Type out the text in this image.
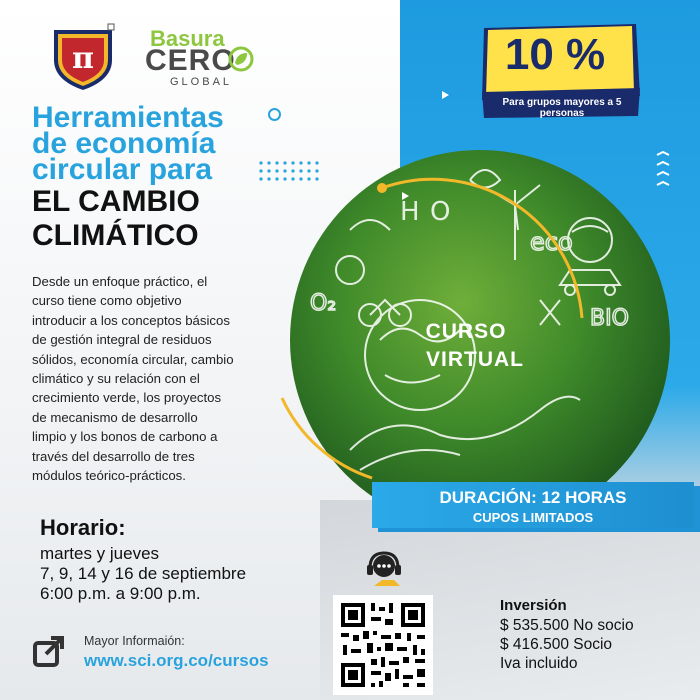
π
Basura
CERO
GLOBAL
Herramientas
de economía
circular para
EL CAMBIO
CLIMÁTICO
Desde un enfoque práctico, el
curso tiene como objetivo
introducir a los conceptos básicos
de gestión integral de residuos
sólidos, economía circular, cambio
climático y su relación con el
crecimiento verde, los proyectos
de mecanismo de desarrollo
limpio y los bonos de carbono a
través del desarrollo de tres
módulos teórico-prácticos.
Horario:
martes y jueves
7, 9, 14 y 16 de septiembre
6:00 p.m. a 9:00 p.m.
Mayor Informaión:
www.sci.org.co/cursos
H O
eco
BIO
O₂
CURSO
VIRTUAL
10 %
Para grupos mayores a 5 personas
DURACIÓN: 12 HORAS
CUPOS LIMITADOS
Inversión
$ 535.500 No socio
$ 416.500 Socio
Iva incluido
